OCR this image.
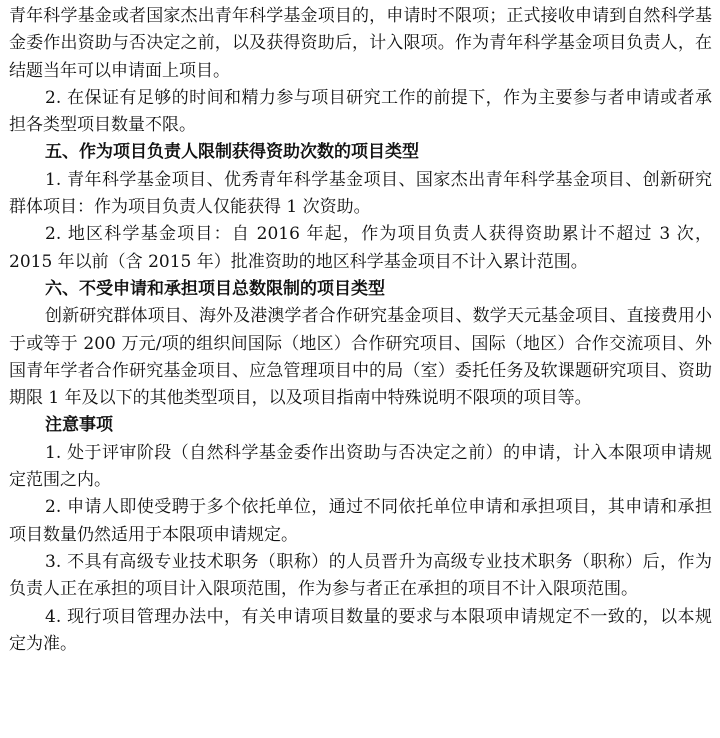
青年科学基金或者国家杰出青年科学基金项目的，申请时不限项；正式接收申请到自然科学基金委作出资助与否决定之前，以及获得资助后，计入限项。作为青年科学基金项目负责人，在结题当年可以申请面上项目。

2. 在保证有足够的时间和精力参与项目研究工作的前提下，作为主要参与者申请或者承担各类型项目数量不限。

五、作为项目负责人限制获得资助次数的项目类型

1. 青年科学基金项目、优秀青年科学基金项目、国家杰出青年科学基金项目、创新研究群体项目：作为项目负责人仅能获得 1 次资助。

2. 地区科学基金项目：自 2016 年起，作为项目负责人获得资助累计不超过 3 次，2015 年以前（含 2015 年）批准资助的地区科学基金项目不计入累计范围。

六、不受申请和承担项目总数限制的项目类型

创新研究群体项目、海外及港澳学者合作研究基金项目、数学天元基金项目、直接费用小于或等于 200 万元/项的组织间国际（地区）合作研究项目、国际（地区）合作交流项目、外国青年学者合作研究基金项目、应急管理项目中的局（室）委托任务及软课题研究项目、资助期限 1 年及以下的其他类型项目，以及项目指南中特殊说明不限项的项目等。

注意事项

1. 处于评审阶段（自然科学基金委作出资助与否决定之前）的申请，计入本限项申请规定范围之内。

2. 申请人即使受聘于多个依托单位，通过不同依托单位申请和承担项目，其申请和承担项目数量仍然适用于本限项申请规定。

3. 不具有高级专业技术职务（职称）的人员晋升为高级专业技术职务（职称）后，作为负责人正在承担的项目计入限项范围，作为参与者正在承担的项目不计入限项范围。

4. 现行项目管理办法中，有关申请项目数量的要求与本限项申请规定不一致的，以本规定为准。
